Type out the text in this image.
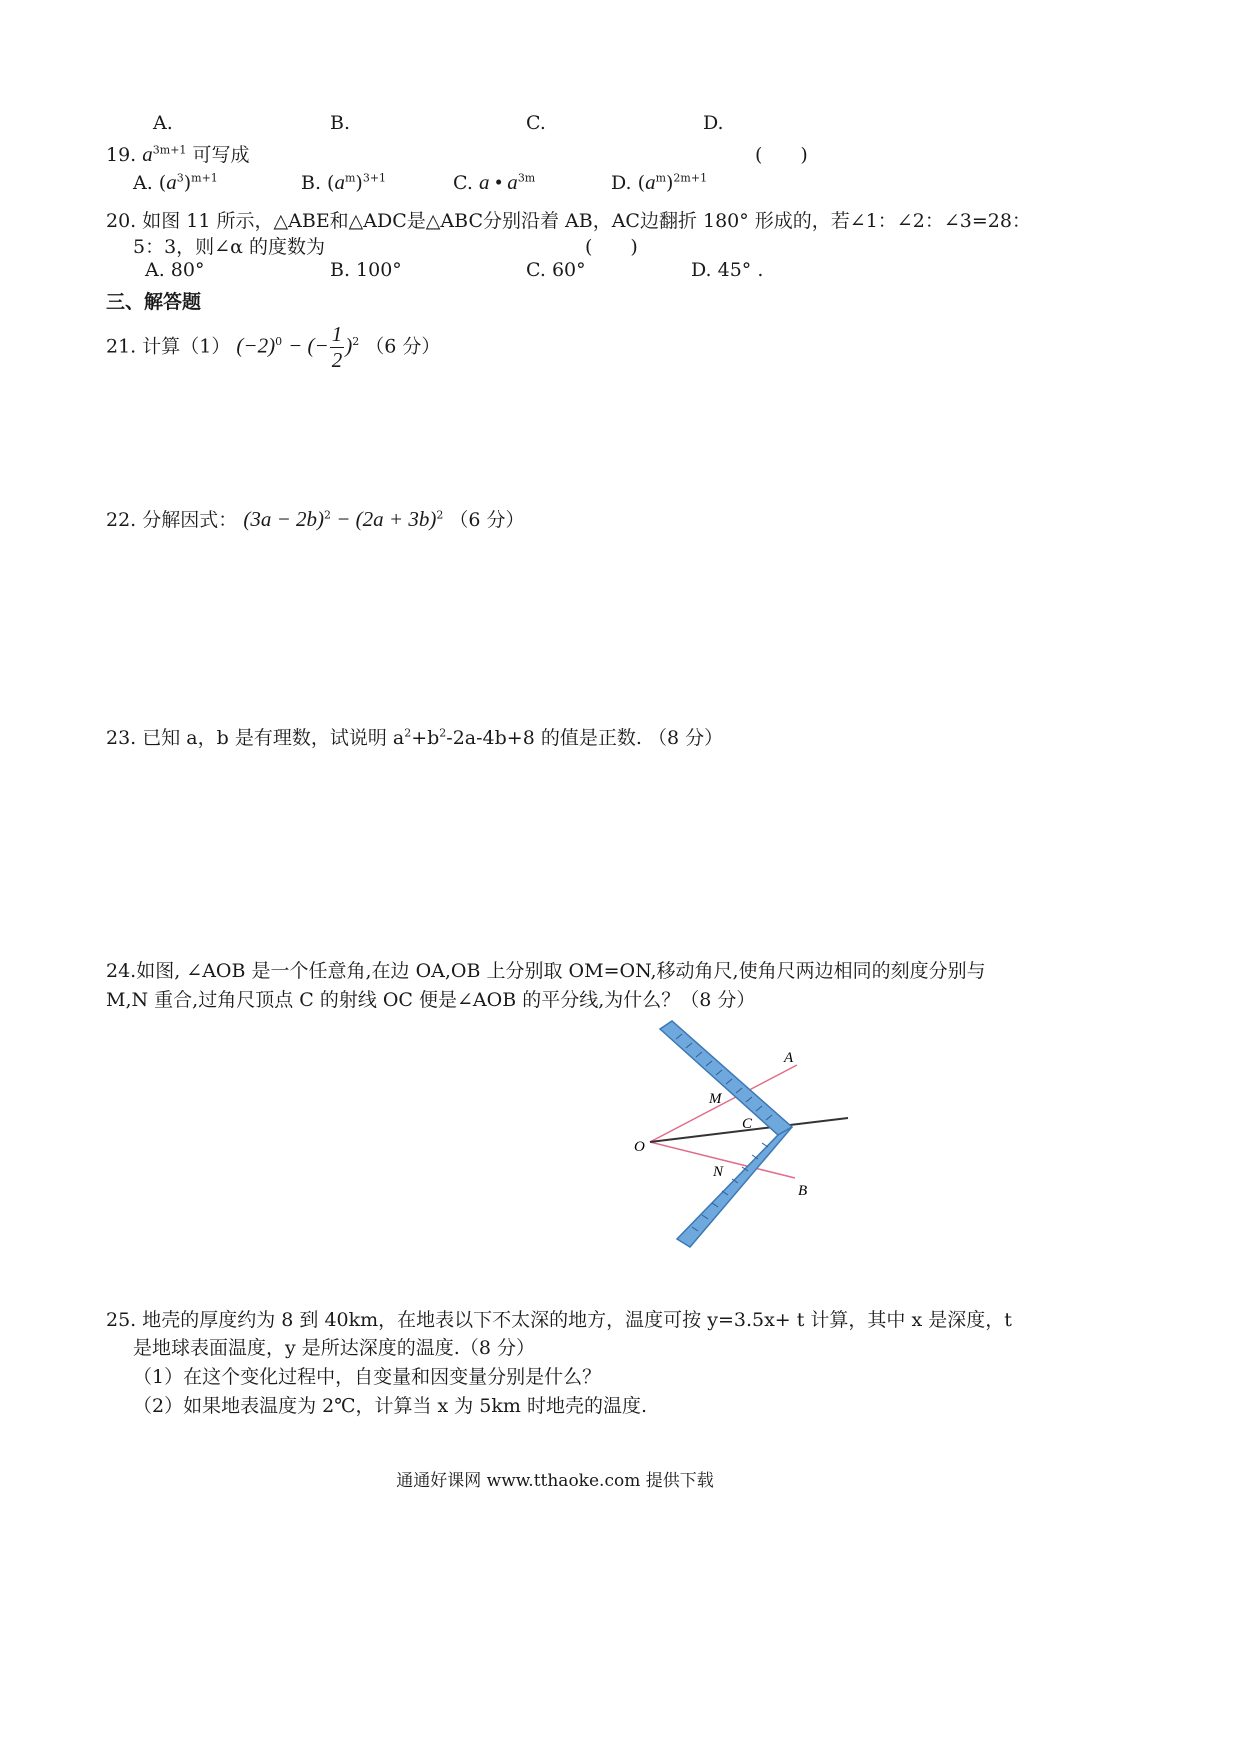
A.	B.	C.	D.
19. $a^{3m+1}$ 可写成	(　　)
A. $(a^3)^{m+1}$	B. $(a^m)^{3+1}$	C. a • $a^{3m}$	D. $(a^m)^{2m+1}$
20. 如图 11 所示，△ABE和△ADC是△ABC分别沿着 AB，AC边翻折 180° 形成的，若∠1：∠2：∠3=28：
5：3，则∠α 的度数为	(　　)
A. 80°	B. 100°	C. 60°	D. 45° .
三、解答题
21. 计算（1） $(-2)^0$ − (− $\frac{1}{2} )^2$ （6 分）
22. 分解因式： $(3a - 2b)^2 - (2a + 3b)^2$ （6 分）
23. 已知 a，b 是有理数，试说明 $a^2+b^2-2a-4b+8$ 的值是正数. （8 分）
24.如图, ∠AOB 是一个任意角,在边 OA,OB 上分别取 OM=ON,移动角尺,使角尺两边相同的刻度分别与
M,N 重合,过角尺顶点 C 的射线 OC 便是∠AOB 的平分线,为什么？（8 分）
A
M
C
O
N
B
25. 地壳的厚度约为 8 到 40km，在地表以下不太深的地方，温度可按 y=3.5x+ t 计算，其中 x 是深度，t
是地球表面温度，y 是所达深度的温度.（8 分）
（1）在这个变化过程中，自变量和因变量分别是什么？
（2）如果地表温度为 2℃，计算当 x 为 5km 时地壳的温度.
通通好课网 www.tthaoke.com 提供下载
